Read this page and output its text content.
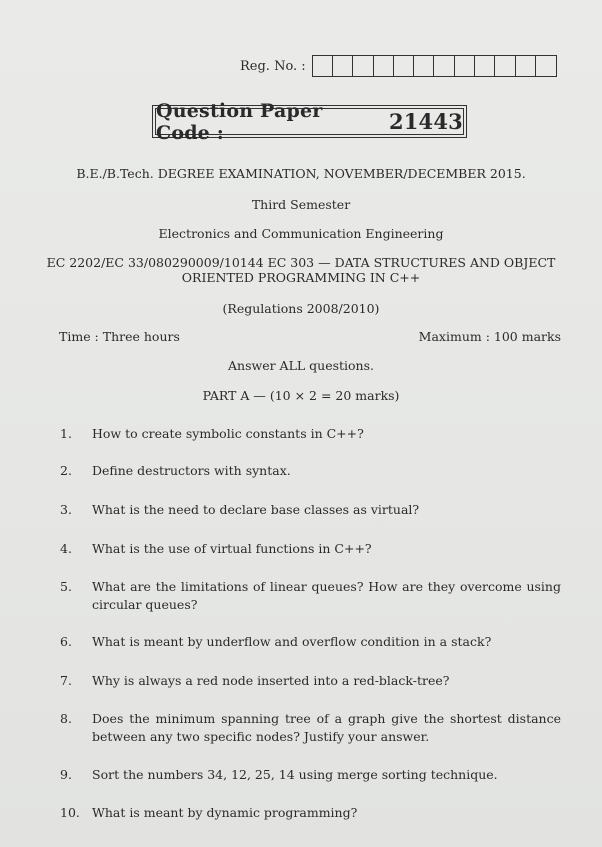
Reg. No. :
Question Paper Code :	21443
B.E./B.Tech. DEGREE EXAMINATION, NOVEMBER/DECEMBER 2015.
Third Semester
Electronics and Communication Engineering
EC 2202/EC 33/080290009/10144 EC 303 — DATA STRUCTURES AND OBJECT
ORIENTED PROGRAMMING IN C++
(Regulations 2008/2010)
Time : Three hours	Maximum : 100 marks
Answer ALL questions.
PART A — (10 × 2 = 20 marks)
1.	How to create symbolic constants in C++?
2.	Define destructors with syntax.
3.	What is the need to declare base classes as virtual?
4.	What is the use of virtual functions in C++?
5.	What are the limitations of linear queues? How are they overcome using circular queues?
6.	What is meant by underflow and overflow condition in a stack?
7.	Why is always a red node inserted into a red-black-tree?
8.	Does the minimum spanning tree of a graph give the shortest distance between any two specific nodes? Justify your answer.
9.	Sort the numbers 34, 12, 25, 14 using merge sorting technique.
10. What is meant by dynamic programming?
